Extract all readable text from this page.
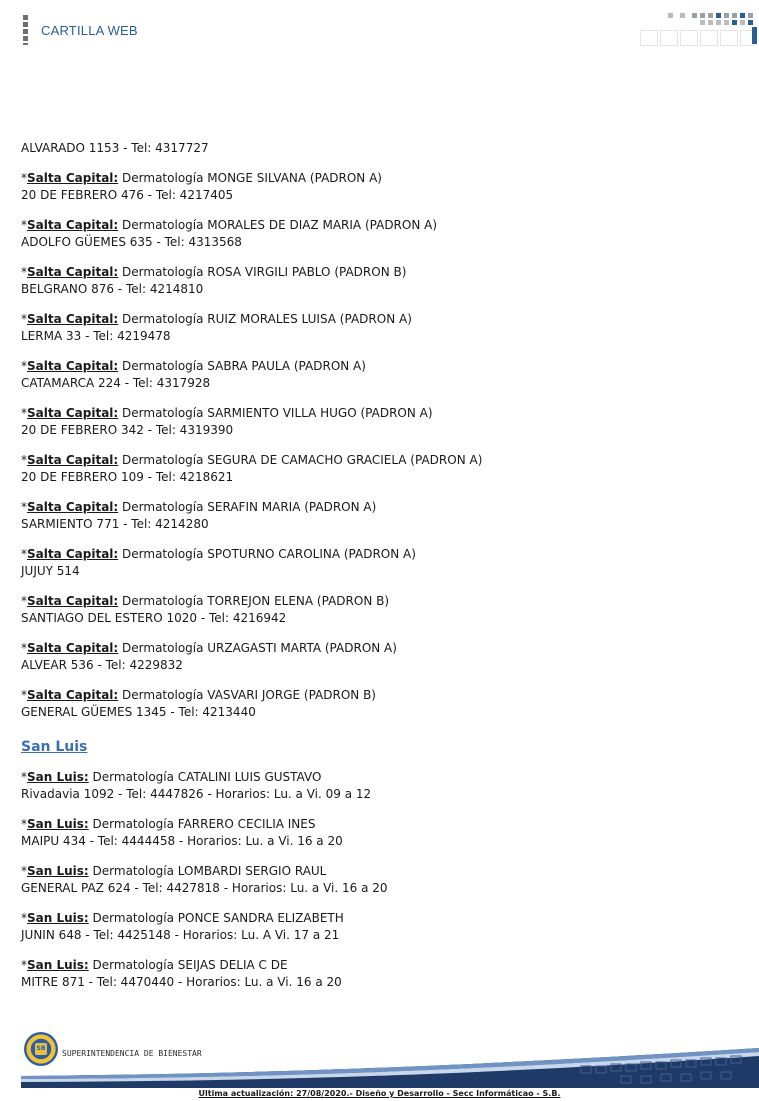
CARTILLA WEB
ALVARADO 1153 - Tel: 4317727
*Salta Capital: Dermatología MONGE SILVANA (PADRON A)
20 DE FEBRERO 476 - Tel: 4217405
*Salta Capital: Dermatología MORALES DE DIAZ MARIA (PADRON A)
ADOLFO GÜEMES 635 - Tel: 4313568
*Salta Capital: Dermatología ROSA VIRGILI PABLO (PADRON B)
BELGRANO 876 - Tel: 4214810
*Salta Capital: Dermatología RUIZ MORALES LUISA (PADRON A)
LERMA 33 - Tel: 4219478
*Salta Capital: Dermatología SABRA PAULA (PADRON A)
CATAMARCA 224 - Tel: 4317928
*Salta Capital: Dermatología SARMIENTO VILLA HUGO (PADRON A)
20 DE FEBRERO 342 - Tel: 4319390
*Salta Capital: Dermatología SEGURA DE CAMACHO GRACIELA (PADRON A)
20 DE FEBRERO 109 - Tel: 4218621
*Salta Capital: Dermatología SERAFIN MARIA (PADRON A)
SARMIENTO 771 - Tel: 4214280
*Salta Capital: Dermatología SPOTURNO CAROLINA (PADRON A)
JUJUY 514
*Salta Capital: Dermatología TORREJON ELENA (PADRON B)
SANTIAGO DEL ESTERO 1020 - Tel: 4216942
*Salta Capital: Dermatología URZAGASTI MARTA (PADRON A)
ALVEAR 536 - Tel: 4229832
*Salta Capital: Dermatología VASVARI JORGE (PADRON B)
GENERAL GÜEMES 1345 - Tel: 4213440
San Luis
*San Luis: Dermatología CATALINI LUIS GUSTAVO
Rivadavia 1092 - Tel: 4447826 - Horarios: Lu. a Vi. 09 a 12
*San Luis: Dermatología FARRERO CECILIA INES
MAIPU 434 - Tel: 4444458 - Horarios: Lu. a Vi. 16 a 20
*San Luis: Dermatología LOMBARDI SERGIO RAUL
GENERAL PAZ 624 - Tel: 4427818 - Horarios: Lu. a Vi. 16 a 20
*San Luis: Dermatología PONCE SANDRA ELIZABETH
JUNIN 648 - Tel: 4425148 - Horarios: Lu. A Vi. 17 a 21
*San Luis: Dermatología SEIJAS DELIA C DE
MITRE 871 - Tel: 4470440 - Horarios: Lu. a Vi. 16 a 20
SB
SUPERINTENDENCIA DE BIENESTAR
Ultima actualización: 27/08/2020.- Diseño y Desarrollo - Secc Informáticao - S.B.
